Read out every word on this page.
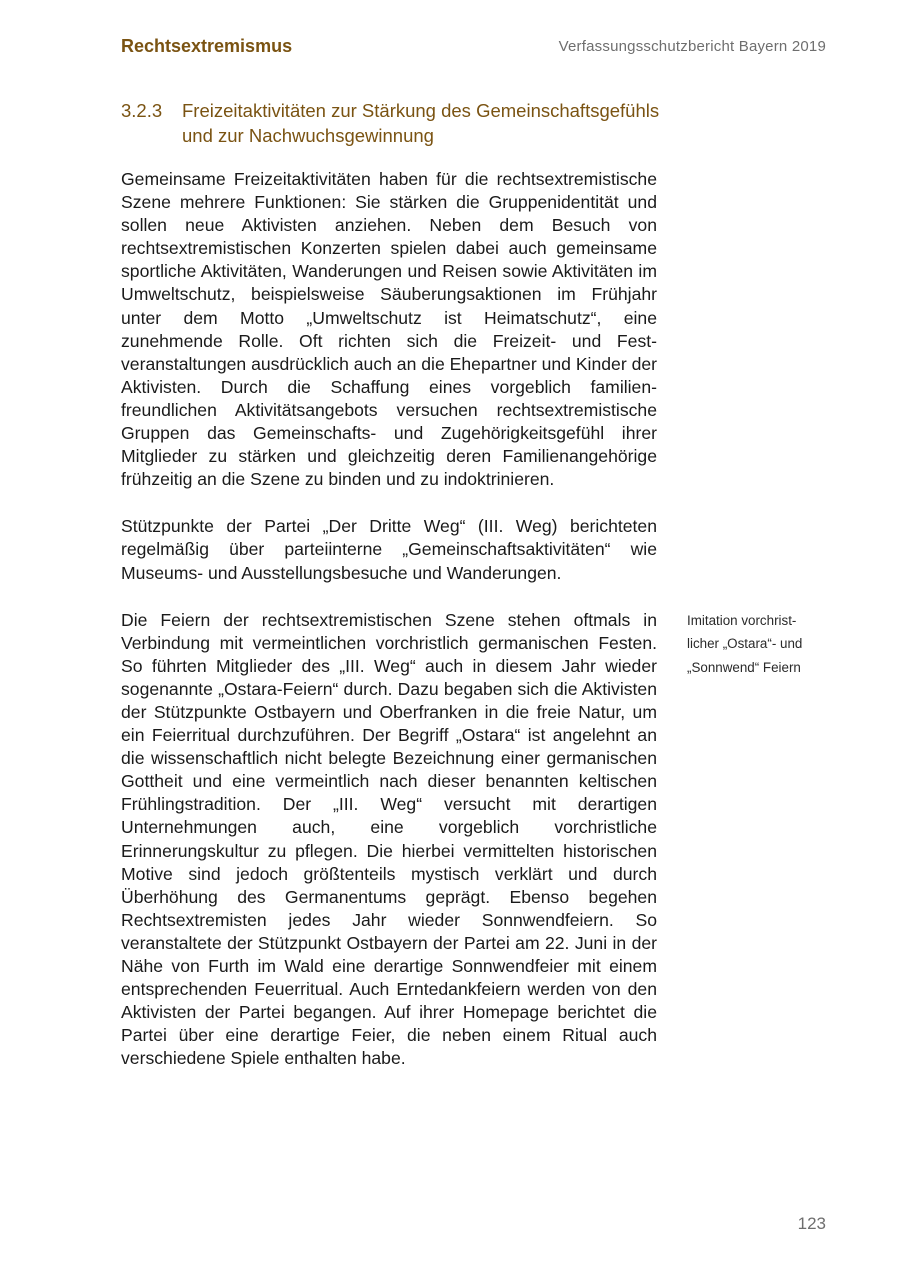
Rechtsextremismus	Verfassungsschutzbericht Bayern 2019
3.2.3	Freizeitaktivitäten zur Stärkung des Gemeinschaftsgefühls und zur Nachwuchsgewinnung

Gemeinsame Freizeitaktivitäten haben für die rechtsextremistische Szene mehrere Funktionen: Sie stärken die Gruppenidentität und sollen neue Aktivisten anziehen. Neben dem Besuch von rechtsextremistischen Konzerten spielen dabei auch gemeinsame sportliche Aktivitäten, Wanderungen und Reisen sowie Aktivitäten im Umweltschutz, beispielsweise Säuberungsaktionen im Frühjahr unter dem Motto „Umweltschutz ist Heimatschutz“, eine zunehmende Rolle. Oft richten sich die Freizeit- und Festveranstaltungen ausdrücklich auch an die Ehepartner und Kinder der Aktivisten. Durch die Schaffung eines vorgeblich familienfreundlichen Aktivitätsangebots versuchen rechtsextremistische Gruppen das Gemeinschafts- und Zugehörigkeitsgefühl ihrer Mitglieder zu stärken und gleichzeitig deren Familienangehörige frühzeitig an die Szene zu binden und zu indoktrinieren.

Stützpunkte der Partei „Der Dritte Weg“ (III. Weg) berichteten regelmäßig über parteiinterne „Gemeinschaftsaktivitäten“ wie Museums- und Ausstellungsbesuche und Wanderungen.

Die Feiern der rechtsextremistischen Szene stehen oftmals in Verbindung mit vermeintlichen vorchristlich germanischen Festen. So führten Mitglieder des „III. Weg“ auch in diesem Jahr wieder sogenannte „Ostara-Feiern“ durch. Dazu begaben sich die Aktivisten der Stützpunkte Ostbayern und Oberfranken in die freie Natur, um ein Feierritual durchzuführen. Der Begriff „Ostara“ ist angelehnt an die wissenschaftlich nicht belegte Bezeichnung einer germanischen Gottheit und eine vermeintlich nach dieser benannten keltischen Frühlingstradition. Der „III. Weg“ versucht mit derartigen Unternehmungen auch, eine vorgeblich vorchristliche Erinnerungskultur zu pflegen. Die hierbei vermittelten historischen Motive sind jedoch größtenteils mystisch verklärt und durch Überhöhung des Germanentums geprägt. Ebenso begehen Rechtsextremisten jedes Jahr wieder Sonnwendfeiern. So veranstaltete der Stützpunkt Ostbayern der Partei am 22. Juni in der Nähe von Furth im Wald eine derartige Sonnwendfeier mit einem entsprechenden Feuerritual. Auch Erntedankfeiern werden von den Aktivisten der Partei begangen. Auf ihrer Homepage berichtet die Partei über eine derartige Feier, die neben einem Ritual auch verschiedene Spiele enthalten habe.

Imitation vorchrist-
licher „Ostara“- und
„Sonnwend“ Feiern
123
